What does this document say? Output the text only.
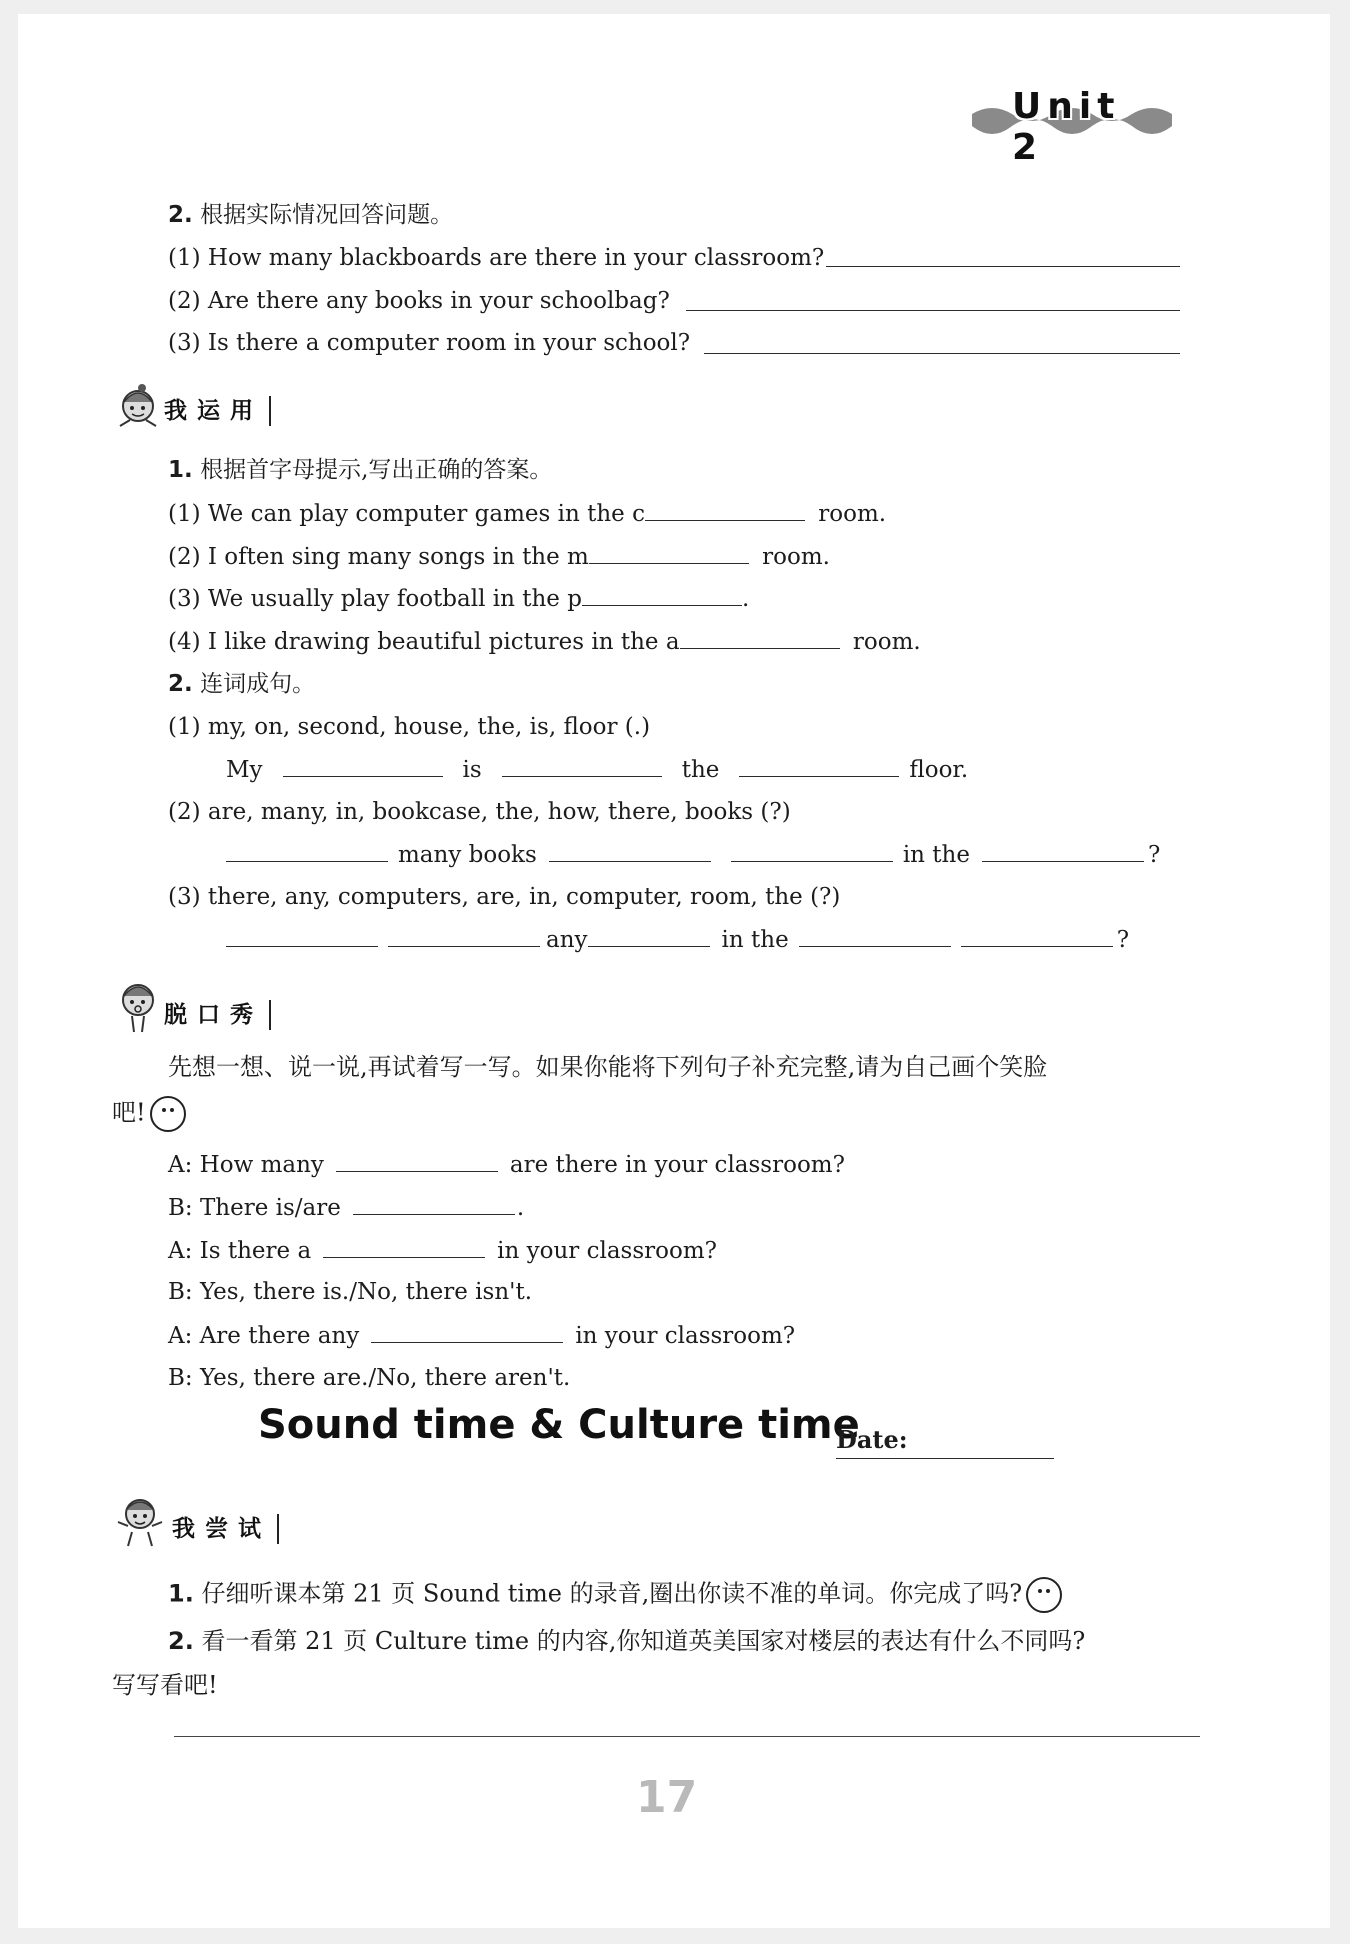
Unit 2
2. 根据实际情况回答问题。
(1) How many blackboards are there in your classroom?
(2) Are there any books in your schoolbag?
(3) Is there a computer room in your school?
我运用
1. 根据首字母提示,写出正确的答案。
(1) We can play computer games in the c	room.
(2) I often sing many songs in the m	room.
(3) We usually play football in the p	.
(4) I like drawing beautiful pictures in the a	room.
2. 连词成句。
(1) my, on, second, house, the, is, floor (.)
My	is	the	floor.
(2) are, many, in, bookcase, the, how, there, books (?)
many books	in the	?
(3) there, any, computers, are, in, computer, room, the (?)
any	in the	?
脱口秀
先想一想、说一说,再试着写一写。如果你能将下列句子补充完整,请为自己画个笑脸
吧!
A: How many	are there in your classroom?
B: There is/are	.
A: Is there a	in your classroom?
B: Yes, there is./No, there isn't.
A: Are there any	in your classroom?
B: Yes, there are./No, there aren't.
Sound time & Culture time
Date:
我尝试
1. 仔细听课本第 21 页 Sound time 的录音,圈出你读不准的单词。你完成了吗?
2. 看一看第 21 页 Culture time 的内容,你知道英美国家对楼层的表达有什么不同吗?
写写看吧!
17
